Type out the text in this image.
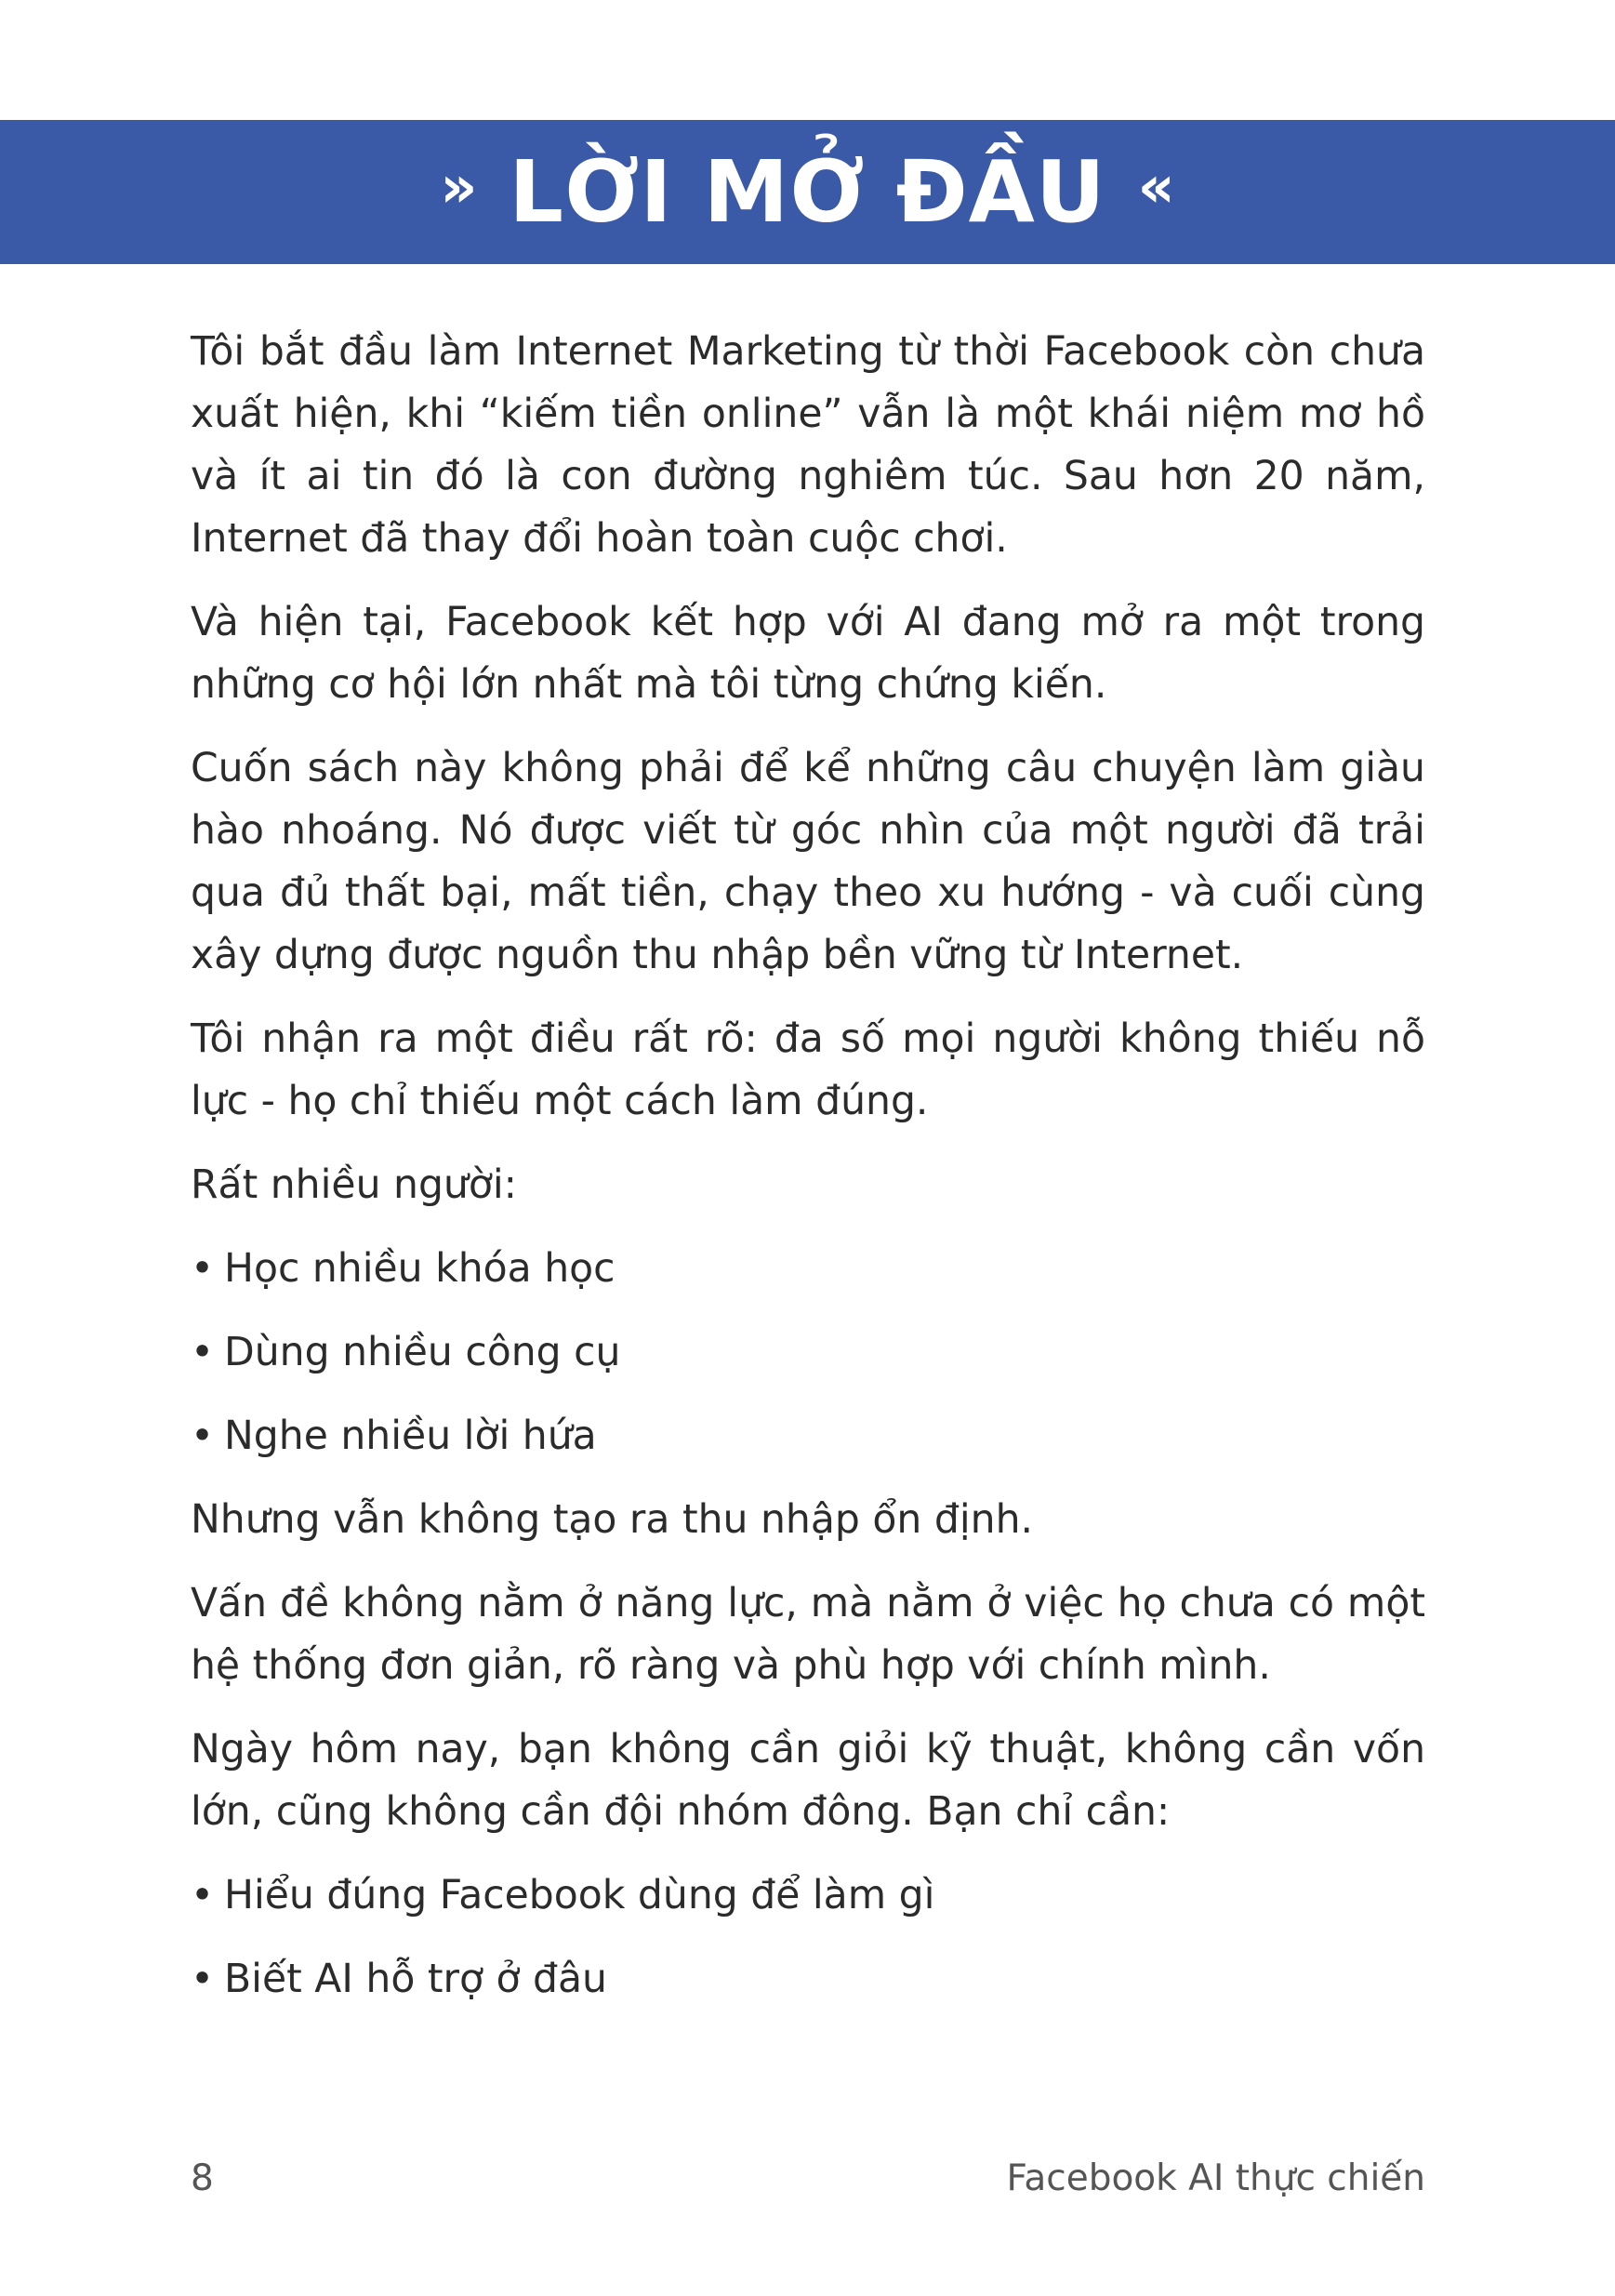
» LỜI MỞ ĐẦU «

Tôi bắt đầu làm Internet Marketing từ thời Facebook còn chưa xuất hiện, khi “kiếm tiền online” vẫn là một khái niệm mơ hồ và ít ai tin đó là con đường nghiêm túc. Sau hơn 20 năm, Internet đã thay đổi hoàn toàn cuộc chơi.

Và hiện tại, Facebook kết hợp với AI đang mở ra một trong những cơ hội lớn nhất mà tôi từng chứng kiến.

Cuốn sách này không phải để kể những câu chuyện làm giàu hào nhoáng. Nó được viết từ góc nhìn của một người đã trải qua đủ thất bại, mất tiền, chạy theo xu hướng - và cuối cùng xây dựng được nguồn thu nhập bền vững từ Internet.

Tôi nhận ra một điều rất rõ: đa số mọi người không thiếu nỗ lực - họ chỉ thiếu một cách làm đúng.

Rất nhiều người:

• Học nhiều khóa học
• Dùng nhiều công cụ
• Nghe nhiều lời hứa

Nhưng vẫn không tạo ra thu nhập ổn định.

Vấn đề không nằm ở năng lực, mà nằm ở việc họ chưa có một hệ thống đơn giản, rõ ràng và phù hợp với chính mình.

Ngày hôm nay, bạn không cần giỏi kỹ thuật, không cần vốn lớn, cũng không cần đội nhóm đông. Bạn chỉ cần:

• Hiểu đúng Facebook dùng để làm gì
• Biết AI hỗ trợ ở đâu
8	Facebook AI thực chiến
